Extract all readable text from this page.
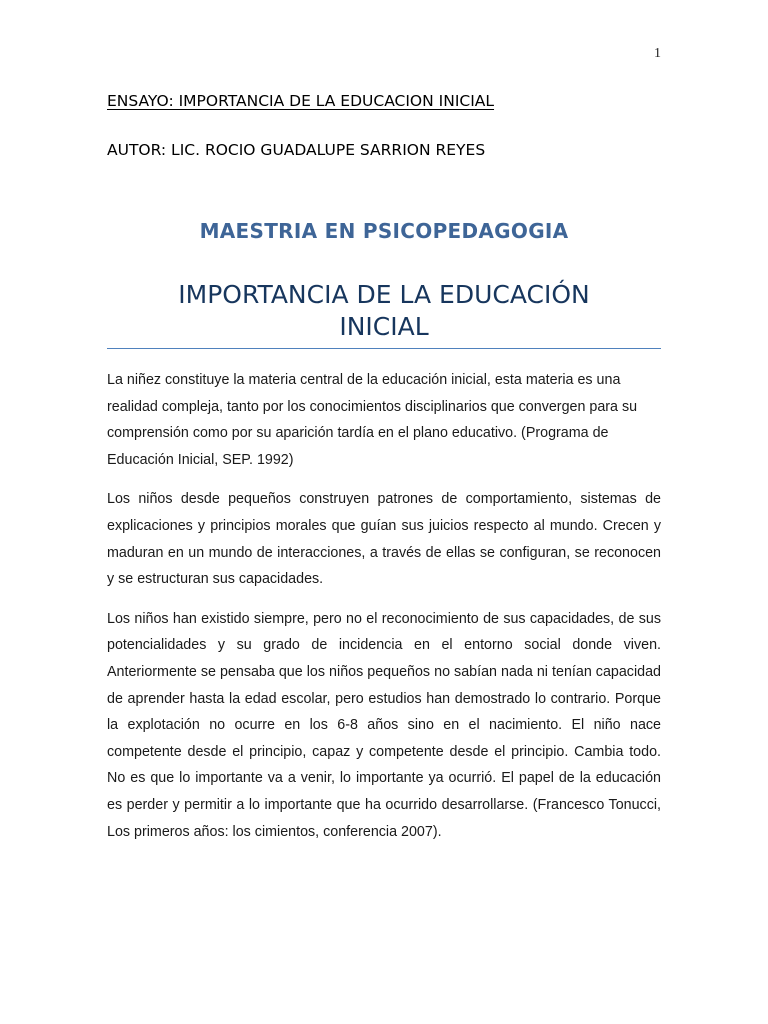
1
ENSAYO: IMPORTANCIA DE LA EDUCACION INICIAL
AUTOR: LIC. ROCIO GUADALUPE SARRION REYES
MAESTRIA EN PSICOPEDAGOGIA
IMPORTANCIA DE LA EDUCACIÓN
INICIAL

La niñez constituye la materia central de la educación inicial, esta materia es una realidad compleja, tanto por los conocimientos disciplinarios que convergen para su comprensión como por su aparición tardía en el plano educativo. (Programa de Educación Inicial, SEP. 1992)

Los niños desde pequeños construyen patrones de comportamiento, sistemas de explicaciones y principios morales que guían sus juicios respecto al mundo. Crecen y maduran en un mundo de interacciones, a través de ellas se configuran, se reconocen y se estructuran sus capacidades.

Los niños han existido siempre, pero no el reconocimiento de sus capacidades, de sus potencialidades y su grado de incidencia en el entorno social donde viven. Anteriormente se pensaba que los niños pequeños no sabían nada ni tenían capacidad de aprender hasta la edad escolar, pero estudios han demostrado lo contrario. Porque la explotación no ocurre en los 6-8 años sino en el nacimiento. El niño nace competente desde el principio, capaz y competente desde el principio. Cambia todo. No es que lo importante va a venir, lo importante ya ocurrió. El papel de la educación es perder y permitir a lo importante que ha ocurrido desarrollarse. (Francesco Tonucci, Los primeros años: los cimientos, conferencia 2007).
